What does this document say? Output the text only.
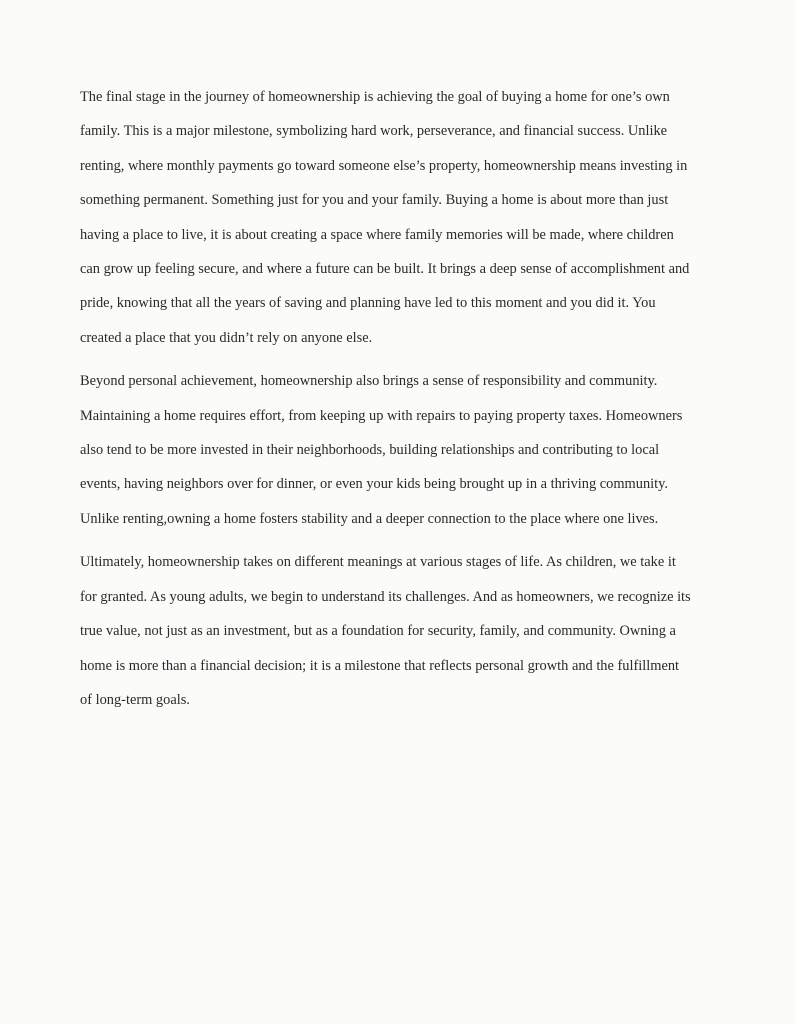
The final stage in the journey of homeownership is achieving the goal of buying a home for one’s own
family. This is a major milestone, symbolizing hard work, perseverance, and financial success. Unlike
renting, where monthly payments go toward someone else’s property, homeownership means investing in
something permanent. Something just for you and your family. Buying a home is about more than just
having a place to live, it is about creating a space where family memories will be made, where children
can grow up feeling secure, and where a future can be built. It brings a deep sense of accomplishment and
pride, knowing that all the years of saving and planning have led to this moment and you did it. You
created a place that you didn’t rely on anyone else.

Beyond personal achievement, homeownership also brings a sense of responsibility and community.
Maintaining a home requires effort, from keeping up with repairs to paying property taxes. Homeowners
also tend to be more invested in their neighborhoods, building relationships and contributing to local
events, having neighbors over for dinner, or even your kids being brought up in a thriving community.
Unlike renting,owning a home fosters stability and a deeper connection to the place where one lives.

Ultimately, homeownership takes on different meanings at various stages of life. As children, we take it
for granted. As young adults, we begin to understand its challenges. And as homeowners, we recognize its
true value, not just as an investment, but as a foundation for security, family, and community. Owning a
home is more than a financial decision; it is a milestone that reflects personal growth and the fulfillment
of long-term goals.
